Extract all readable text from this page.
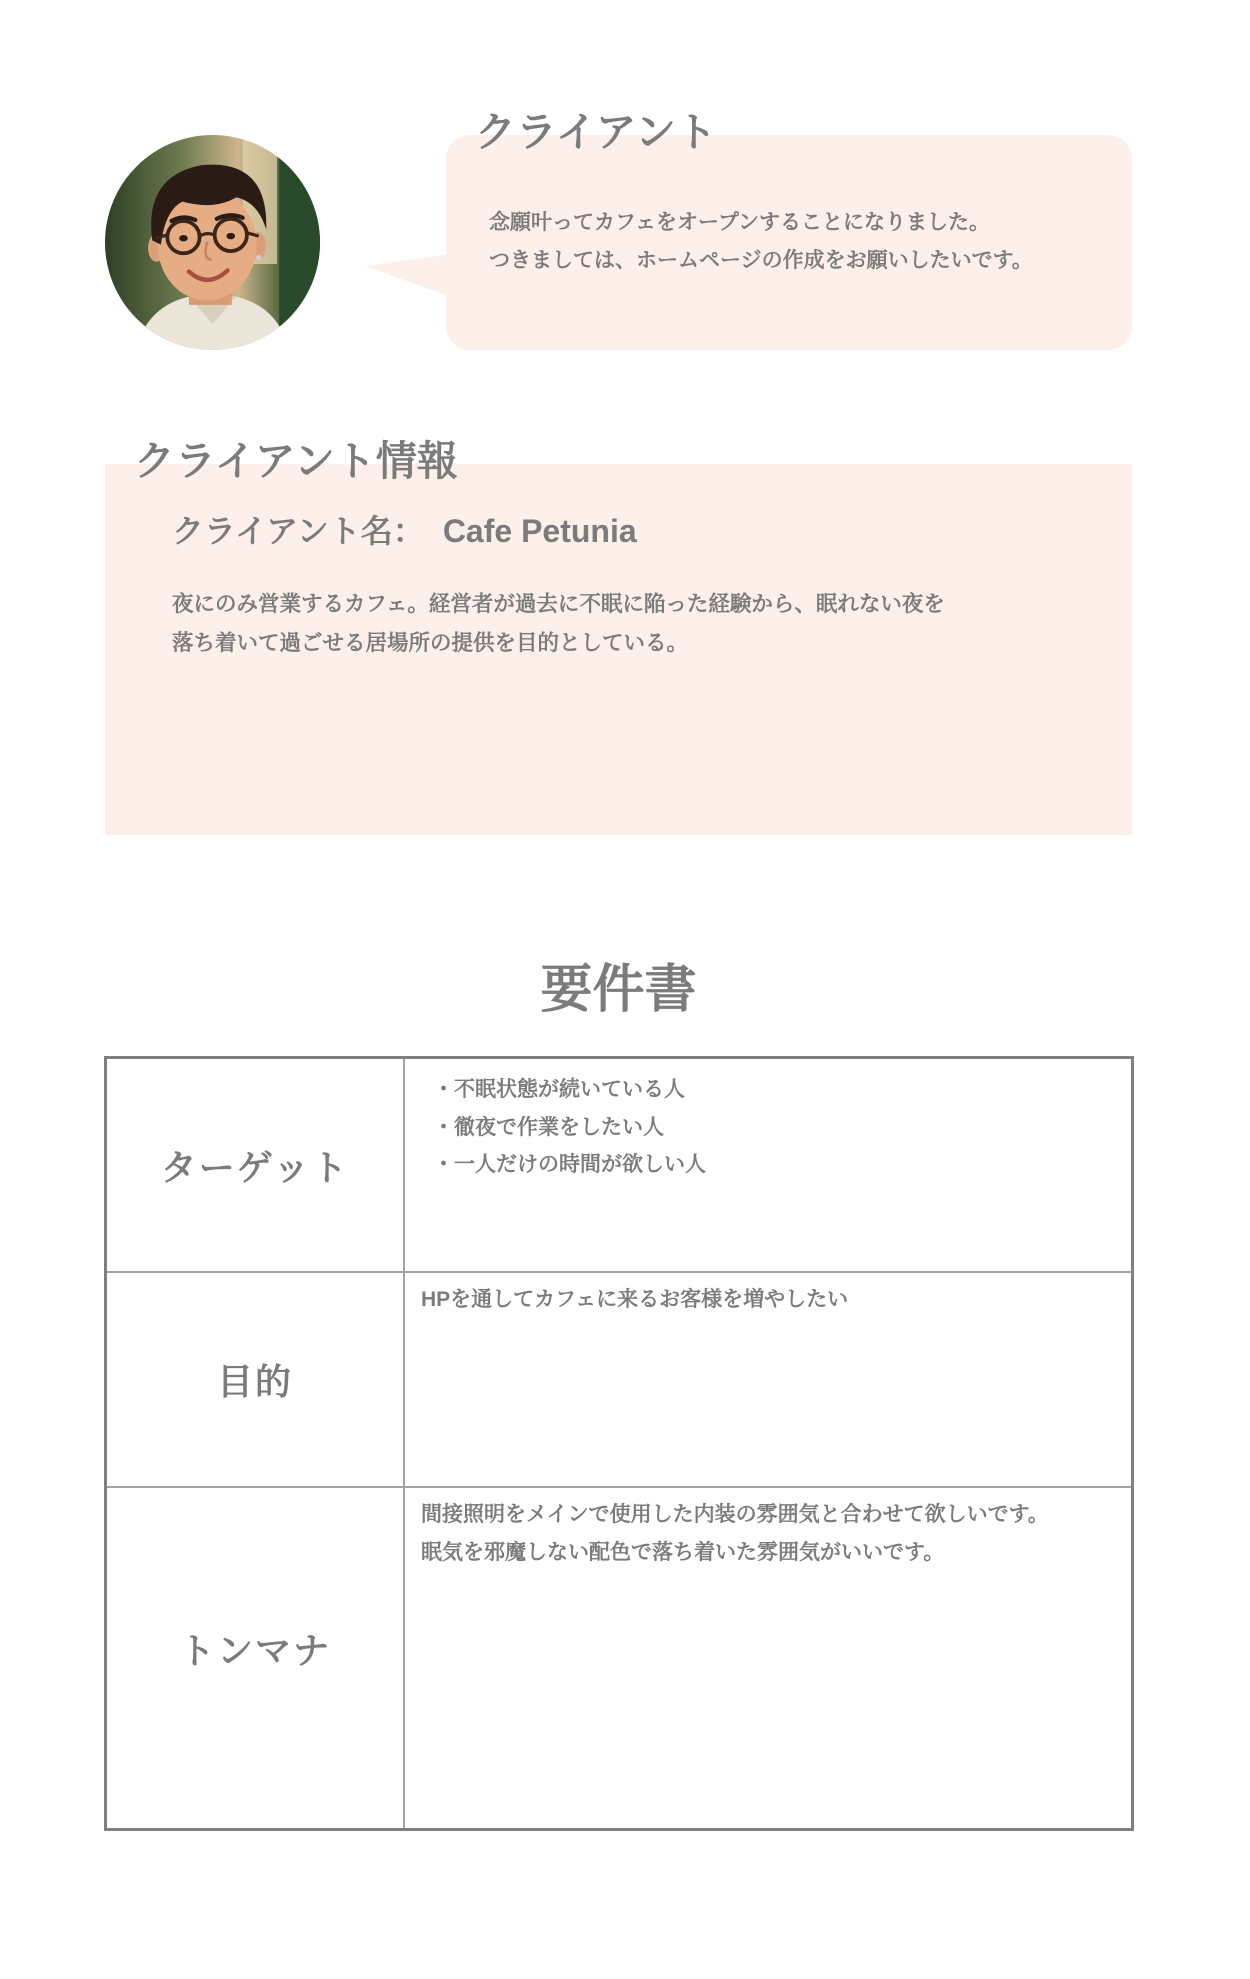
クライアント
念願叶ってカフェをオープンすることになりました。
つきましては、ホームページの作成をお願いしたいです。
クライアント情報
クライアント名： Cafe Petunia
夜にのみ営業するカフェ。経営者が過去に不眠に陥った経験から、眠れない夜を
落ち着いて過ごせる居場所の提供を目的としている。
要件書
ターゲット
・不眠状態が続いている人
・徹夜で作業をしたい人
・一人だけの時間が欲しい人
目的
HPを通してカフェに来るお客様を増やしたい
トンマナ
間接照明をメインで使用した内装の雰囲気と合わせて欲しいです。
眠気を邪魔しない配色で落ち着いた雰囲気がいいです。
